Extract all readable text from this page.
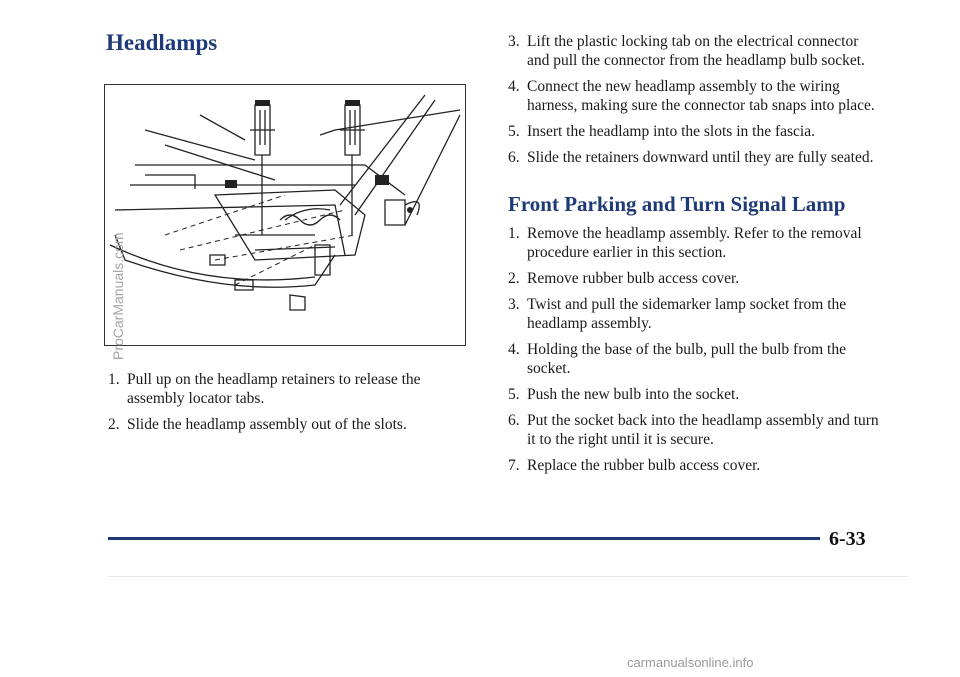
Headlamps
1. Pull up on the headlamp retainers to release the assembly locator tabs.
2. Slide the headlamp assembly out of the slots.
3. Lift the plastic locking tab on the electrical connector and pull the connector from the headlamp bulb socket.
4. Connect the new headlamp assembly to the wiring harness, making sure the connector tab snaps into place.
5. Insert the headlamp into the slots in the fascia.
6. Slide the retainers downward until they are fully seated.
Front Parking and Turn Signal Lamp
1. Remove the headlamp assembly. Refer to the removal procedure earlier in this section.
2. Remove rubber bulb access cover.
3. Twist and pull the sidemarker lamp socket from the headlamp assembly.
4. Holding the base of the bulb, pull the bulb from the socket.
5. Push the new bulb into the socket.
6. Put the socket back into the headlamp assembly and turn it to the right until it is secure.
7. Replace the rubber bulb access cover.
6-33
ProCarManuals.com
carmanualsonline.info
